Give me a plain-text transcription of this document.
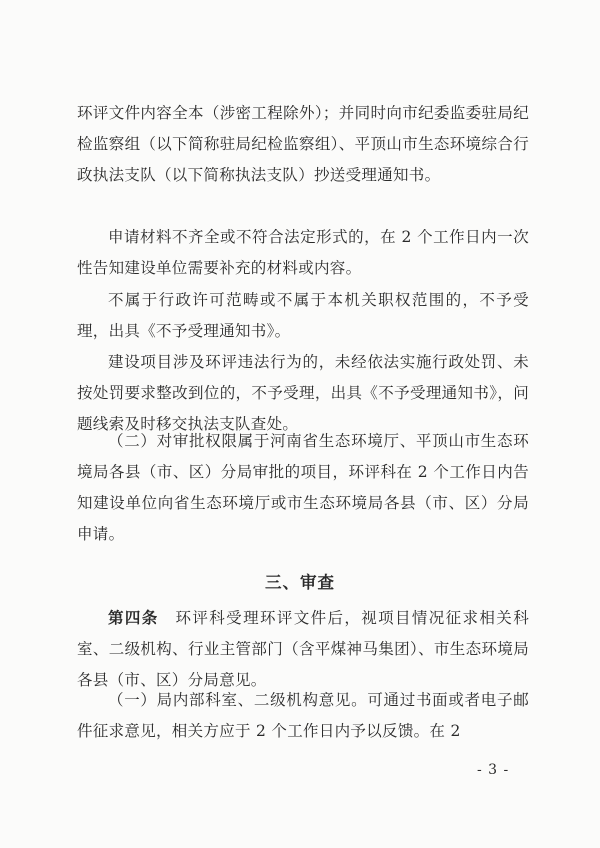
环评文件内容全本（涉密工程除外）；并同时向市纪委监委驻局纪检监察组（以下简称驻局纪检监察组）、平顶山市生态环境综合行政执法支队（以下简称执法支队）抄送受理通知书。

申请材料不齐全或不符合法定形式的，在 2 个工作日内一次性告知建设单位需要补充的材料或内容。

不属于行政许可范畴或不属于本机关职权范围的，不予受理，出具《不予受理通知书》。

建设项目涉及环评违法行为的，未经依法实施行政处罚、未按处罚要求整改到位的，不予受理，出具《不予受理通知书》，问题线索及时移交执法支队查处。

（二）对审批权限属于河南省生态环境厅、平顶山市生态环境局各县（市、区）分局审批的项目，环评科在 2 个工作日内告知建设单位向省生态环境厅或市生态环境局各县（市、区）分局申请。

三、审查

第四条　环评科受理环评文件后，视项目情况征求相关科室、二级机构、行业主管部门（含平煤神马集团）、市生态环境局各县（市、区）分局意见。

（一）局内部科室、二级机构意见。可通过书面或者电子邮件征求意见，相关方应于 2 个工作日内予以反馈。在 2

- 3 -
